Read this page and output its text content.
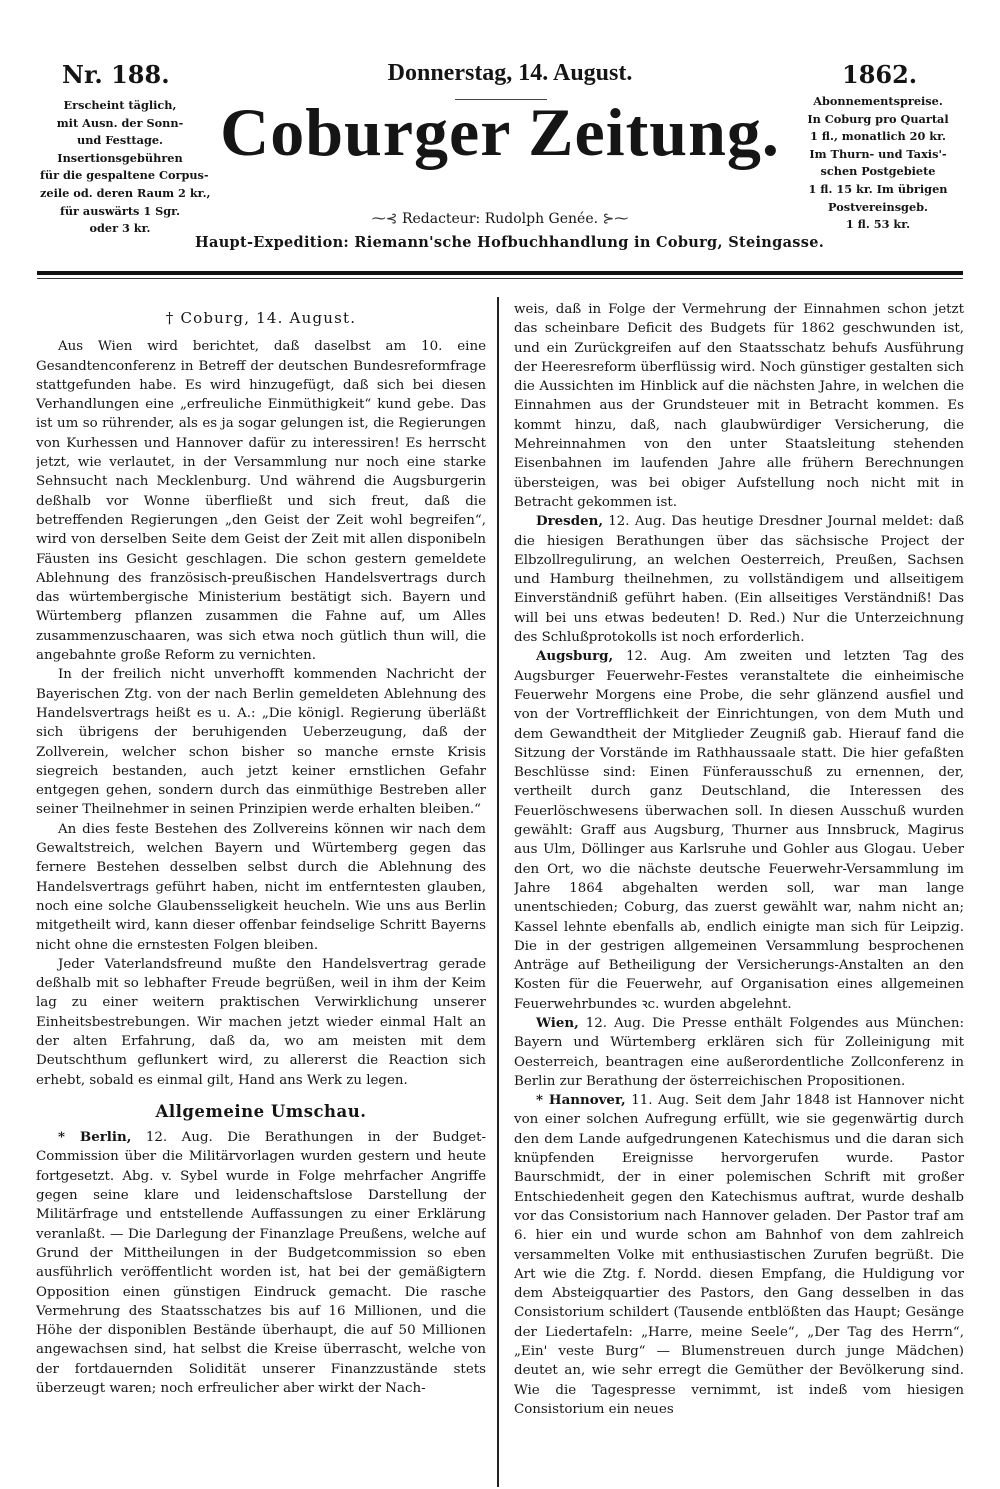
Nr. 188.	Donnerstag, 14. August.	1862.
Coburger Zeitung.
Erscheint täglich,
mit Ausn. der Sonn-
und Festtage.
Insertionsgebühren
für die gespaltene Corpus-
zeile od. deren Raum 2 kr.,
für auswärts 1 Sgr.
oder 3 kr.
Abonnementspreise.
In Coburg pro Quartal
1 fl., monatlich 20 kr.
Im Thurn- und Taxis'-
schen Postgebiete
1 fl. 15 kr. Im übrigen
Postvereinsgeb.
1 fl. 53 kr.
⁓⊰ Redacteur: Rudolph Genée. ⊱⁓
Haupt-Expedition: Riemann'sche Hofbuchhandlung in Coburg, Steingasse.
† Coburg, 14. August.

Aus Wien wird berichtet, daß daselbst am 10. eine Gesandtenconferenz in Betreff der deutschen Bundesreformfrage stattgefunden habe. Es wird hinzugefügt, daß sich bei diesen Verhandlungen eine „erfreuliche Einmüthigkeit“ kund gebe. Das ist um so rührender, als es ja sogar gelungen ist, die Regierungen von Kurhessen und Hannover dafür zu interessiren! Es herrscht jetzt, wie verlautet, in der Versammlung nur noch eine starke Sehnsucht nach Mecklenburg. Und während die Augsburgerin deßhalb vor Wonne überfließt und sich freut, daß die betreffenden Regierungen „den Geist der Zeit wohl begreifen“, wird von derselben Seite dem Geist der Zeit mit allen disponibeln Fäusten ins Gesicht geschlagen. Die schon gestern gemeldete Ablehnung des französisch-preußischen Handelsvertrags durch das würtembergische Ministerium bestätigt sich. Bayern und Würtemberg pflanzen zusammen die Fahne auf, um Alles zusammenzuschaaren, was sich etwa noch gütlich thun will, die angebahnte große Reform zu vernichten.

In der freilich nicht unverhofft kommenden Nachricht der Bayerischen Ztg. von der nach Berlin gemeldeten Ablehnung des Handelsvertrags heißt es u. A.: „Die königl. Regierung überläßt sich übrigens der beruhigenden Ueberzeugung, daß der Zollverein, welcher schon bisher so manche ernste Krisis siegreich bestanden, auch jetzt keiner ernstlichen Gefahr entgegen gehen, sondern durch das einmüthige Bestreben aller seiner Theilnehmer in seinen Prinzipien werde erhalten bleiben.“

An dies feste Bestehen des Zollvereins können wir nach dem Gewaltstreich, welchen Bayern und Würtemberg gegen das fernere Bestehen desselben selbst durch die Ablehnung des Handelsvertrags geführt haben, nicht im entferntesten glauben, noch eine solche Glaubensseligkeit heucheln. Wie uns aus Berlin mitgetheilt wird, kann dieser offenbar feindselige Schritt Bayerns nicht ohne die ernstesten Folgen bleiben.

Jeder Vaterlandsfreund mußte den Handelsvertrag gerade deßhalb mit so lebhafter Freude begrüßen, weil in ihm der Keim lag zu einer weitern praktischen Verwirklichung unserer Einheitsbestrebungen. Wir machen jetzt wieder einmal Halt an der alten Erfahrung, daß da, wo am meisten mit dem Deutschthum geflunkert wird, zu allererst die Reaction sich erhebt, sobald es einmal gilt, Hand ans Werk zu legen.

Allgemeine Umschau.

* Berlin, 12. Aug. Die Berathungen in der Budget-Commission über die Militärvorlagen wurden gestern und heute fortgesetzt. Abg. v. Sybel wurde in Folge mehrfacher Angriffe gegen seine klare und leidenschaftslose Darstellung der Militärfrage und entstellende Auffassungen zu einer Erklärung veranlaßt. — Die Darlegung der Finanzlage Preußens, welche auf Grund der Mittheilungen in der Budgetcommission so eben ausführlich veröffentlicht worden ist, hat bei der gemäßigtern Opposition einen günstigen Eindruck gemacht. Die rasche Vermehrung des Staatsschatzes bis auf 16 Millionen, und die Höhe der disponiblen Bestände überhaupt, die auf 50 Millionen angewachsen sind, hat selbst die Kreise überrascht, welche von der fortdauernden Solidität unserer Finanzzustände stets überzeugt waren; noch erfreulicher aber wirkt der Nach-

weis, daß in Folge der Vermehrung der Einnahmen schon jetzt das scheinbare Deficit des Budgets für 1862 geschwunden ist, und ein Zurückgreifen auf den Staatsschatz behufs Ausführung der Heeresreform überflüssig wird. Noch günstiger gestalten sich die Aussichten im Hinblick auf die nächsten Jahre, in welchen die Einnahmen aus der Grundsteuer mit in Betracht kommen. Es kommt hinzu, daß, nach glaubwürdiger Versicherung, die Mehreinnahmen von den unter Staatsleitung stehenden Eisenbahnen im laufenden Jahre alle frühern Berechnungen übersteigen, was bei obiger Aufstellung noch nicht mit in Betracht gekommen ist.

Dresden, 12. Aug. Das heutige Dresdner Journal meldet: daß die hiesigen Berathungen über das sächsische Project der Elbzollregulirung, an welchen Oesterreich, Preußen, Sachsen und Hamburg theilnehmen, zu vollständigem und allseitigem Einverständniß geführt haben. (Ein allseitiges Verständniß! Das will bei uns etwas bedeuten! D. Red.) Nur die Unterzeichnung des Schlußprotokolls ist noch erforderlich.

Augsburg, 12. Aug. Am zweiten und letzten Tag des Augsburger Feuerwehr-Festes veranstaltete die einheimische Feuerwehr Morgens eine Probe, die sehr glänzend ausfiel und von der Vortrefflichkeit der Einrichtungen, von dem Muth und dem Gewandtheit der Mitglieder Zeugniß gab. Hierauf fand die Sitzung der Vorstände im Rathhaussaale statt. Die hier gefaßten Beschlüsse sind: Einen Fünferausschuß zu ernennen, der, vertheilt durch ganz Deutschland, die Interessen des Feuerlöschwesens überwachen soll. In diesen Ausschuß wurden gewählt: Graff aus Augsburg, Thurner aus Innsbruck, Magirus aus Ulm, Döllinger aus Karlsruhe und Gohler aus Glogau. Ueber den Ort, wo die nächste deutsche Feuerwehr-Versammlung im Jahre 1864 abgehalten werden soll, war man lange unentschieden; Coburg, das zuerst gewählt war, nahm nicht an; Kassel lehnte ebenfalls ab, endlich einigte man sich für Leipzig. Die in der gestrigen allgemeinen Versammlung besprochenen Anträge auf Betheiligung der Versicherungs-Anstalten an den Kosten für die Feuerwehr, auf Organisation eines allgemeinen Feuerwehrbundes ꝛc. wurden abgelehnt.

Wien, 12. Aug. Die Presse enthält Folgendes aus München: Bayern und Würtemberg erklären sich für Zolleinigung mit Oesterreich, beantragen eine außerordentliche Zollconferenz in Berlin zur Berathung der österreichischen Propositionen.

* Hannover, 11. Aug. Seit dem Jahr 1848 ist Hannover nicht von einer solchen Aufregung erfüllt, wie sie gegenwärtig durch den dem Lande aufgedrungenen Katechismus und die daran sich knüpfenden Ereignisse hervorgerufen wurde. Pastor Baurschmidt, der in einer polemischen Schrift mit großer Entschiedenheit gegen den Katechismus auftrat, wurde deshalb vor das Consistorium nach Hannover geladen. Der Pastor traf am 6. hier ein und wurde schon am Bahnhof von dem zahlreich versammelten Volke mit enthusiastischen Zurufen begrüßt. Die Art wie die Ztg. f. Nordd. diesen Empfang, die Huldigung vor dem Absteigquartier des Pastors, den Gang desselben in das Consistorium schildert (Tausende entblößten das Haupt; Gesänge der Liedertafeln: „Harre, meine Seele“, „Der Tag des Herrn“, „Ein' veste Burg“ — Blumenstreuen durch junge Mädchen) deutet an, wie sehr erregt die Gemüther der Bevölkerung sind. Wie die Tagespresse vernimmt, ist indeß vom hiesigen Consistorium ein neues
